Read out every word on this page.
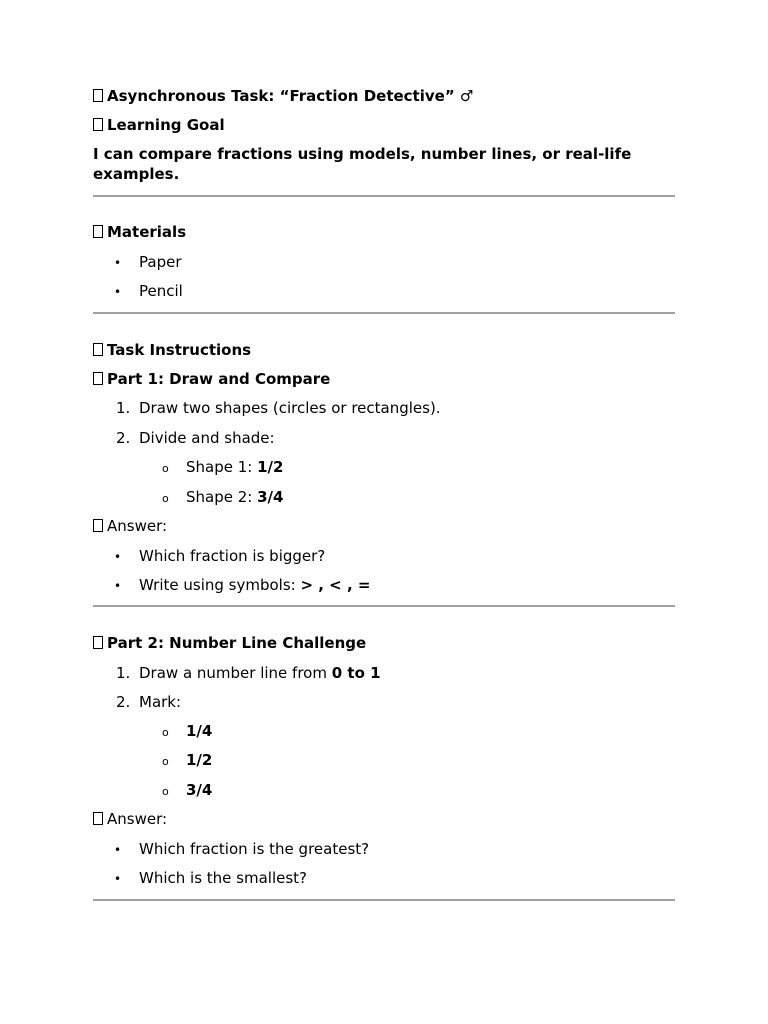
Asynchronous Task: “Fraction Detective” ♂
Learning Goal
I can compare fractions using models, number lines, or real-life examples.
Materials
• Paper
• Pencil
Task Instructions
Part 1: Draw and Compare
1. Draw two shapes (circles or rectangles).
2. Divide and shade:
o Shape 1: 1/2
o Shape 2: 3/4
Answer:
• Which fraction is bigger?
• Write using symbols: > , < , =
Part 2: Number Line Challenge
1. Draw a number line from 0 to 1
2. Mark:
o 1/4
o 1/2
o 3/4
Answer:
• Which fraction is the greatest?
• Which is the smallest?
